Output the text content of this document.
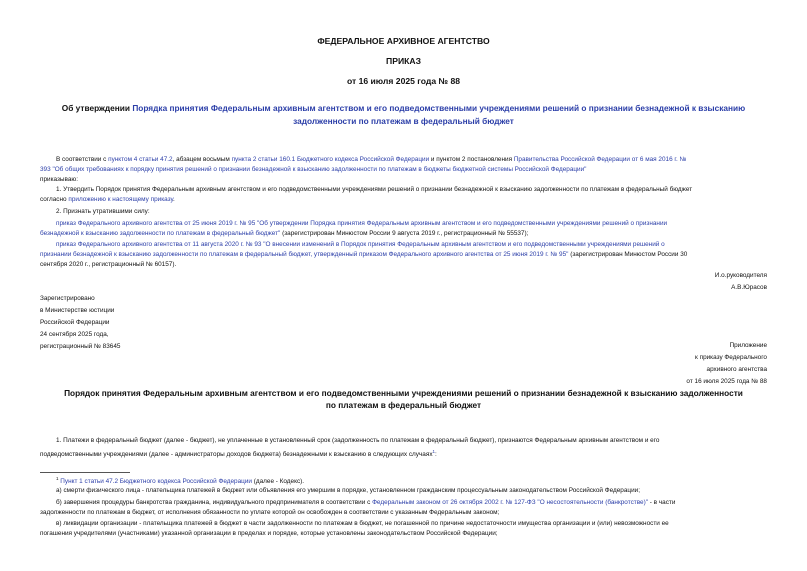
ФЕДЕРАЛЬНОЕ АРХИВНОЕ АГЕНТСТВО
ПРИКАЗ
от 16 июля 2025 года № 88
Об утверждении Порядка принятия Федеральным архивным агентством и его подведомственными учреждениями решений о признании безнадежной к взысканию
задолженности по платежам в федеральный бюджет
В соответствии с пунктом 4 статьи 47.2, абзацем восьмым пункта 2 статьи 160.1 Бюджетного кодекса Российской Федерации и пунктом 2 постановления Правительства Российской Федерации от 6 мая 2016 г. №
393 "Об общих требованиях к порядку принятия решений о признании безнадежной к взысканию задолженности по платежам в бюджеты бюджетной системы Российской Федерации"
приказываю:
1. Утвердить Порядок принятия Федеральным архивным агентством и его подведомственными учреждениями решений о признании безнадежной к взысканию задолженности по платежам в федеральный бюджет
согласно приложению к настоящему приказу.
2. Признать утратившими силу:
приказ Федерального архивного агентства от 25 июня 2019 г. № 95 "Об утверждении Порядка принятия Федеральным архивным агентством и его подведомственными учреждениями решений о признании
безнадежной к взысканию задолженности по платежам в федеральный бюджет" (зарегистрирован Минюстом России 9 августа 2019 г., регистрационный № 55537);
приказ Федерального архивного агентства от 11 августа 2020 г. № 93 "О внесении изменений в Порядок принятия Федеральным архивным агентством и его подведомственными учреждениями решений о
признании безнадежной к взысканию задолженности по платежам в федеральный бюджет, утвержденный приказом Федерального архивного агентства от 25 июня 2019 г. № 95" (зарегистрирован Минюстом России 30
сентября 2020 г., регистрационный № 60157).
И.о.руководителя
А.В.Юрасов
Зарегистрировано
в Министерстве юстиции
Российской Федерации
24 сентября 2025 года,
регистрационный № 83645	Приложение
к приказу Федерального
архивного агентства
от 16 июля 2025 года № 88
Порядок принятия Федеральным архивным агентством и его подведомственными учреждениями решений о признании безнадежной к взысканию задолженности
по платежам в федеральный бюджет
1. Платежи в федеральный бюджет (далее - бюджет), не уплаченные в установленный срок (задолженность по платежам в федеральный бюджет), признаются Федеральным архивным агентством и его
подведомственными учреждениями (далее - администраторы доходов бюджета) безнадежными к взысканию в следующих случаях$^1$:
$^1$ Пункт 1 статьи 47.2 Бюджетного кодекса Российской Федерации (далее - Кодекс).
а) смерти физического лица - плательщика платежей в бюджет или объявления его умершим в порядке, установленном гражданским процессуальным законодательством Российской Федерации;
б) завершения процедуры банкротства гражданина, индивидуального предпринимателя в соответствии с Федеральным законом от 26 октября 2002 г. № 127-ФЗ "О несостоятельности (банкротстве)" - в части
задолженности по платежам в бюджет, от исполнения обязанности по уплате которой он освобожден в соответствии с указанным Федеральным законом;
в) ликвидации организации - плательщика платежей в бюджет в части задолженности по платежам в бюджет, не погашенной по причине недостаточности имущества организации и (или) невозможности ее
погашения учредителями (участниками) указанной организации в пределах и порядке, которые установлены законодательством Российской Федерации;
